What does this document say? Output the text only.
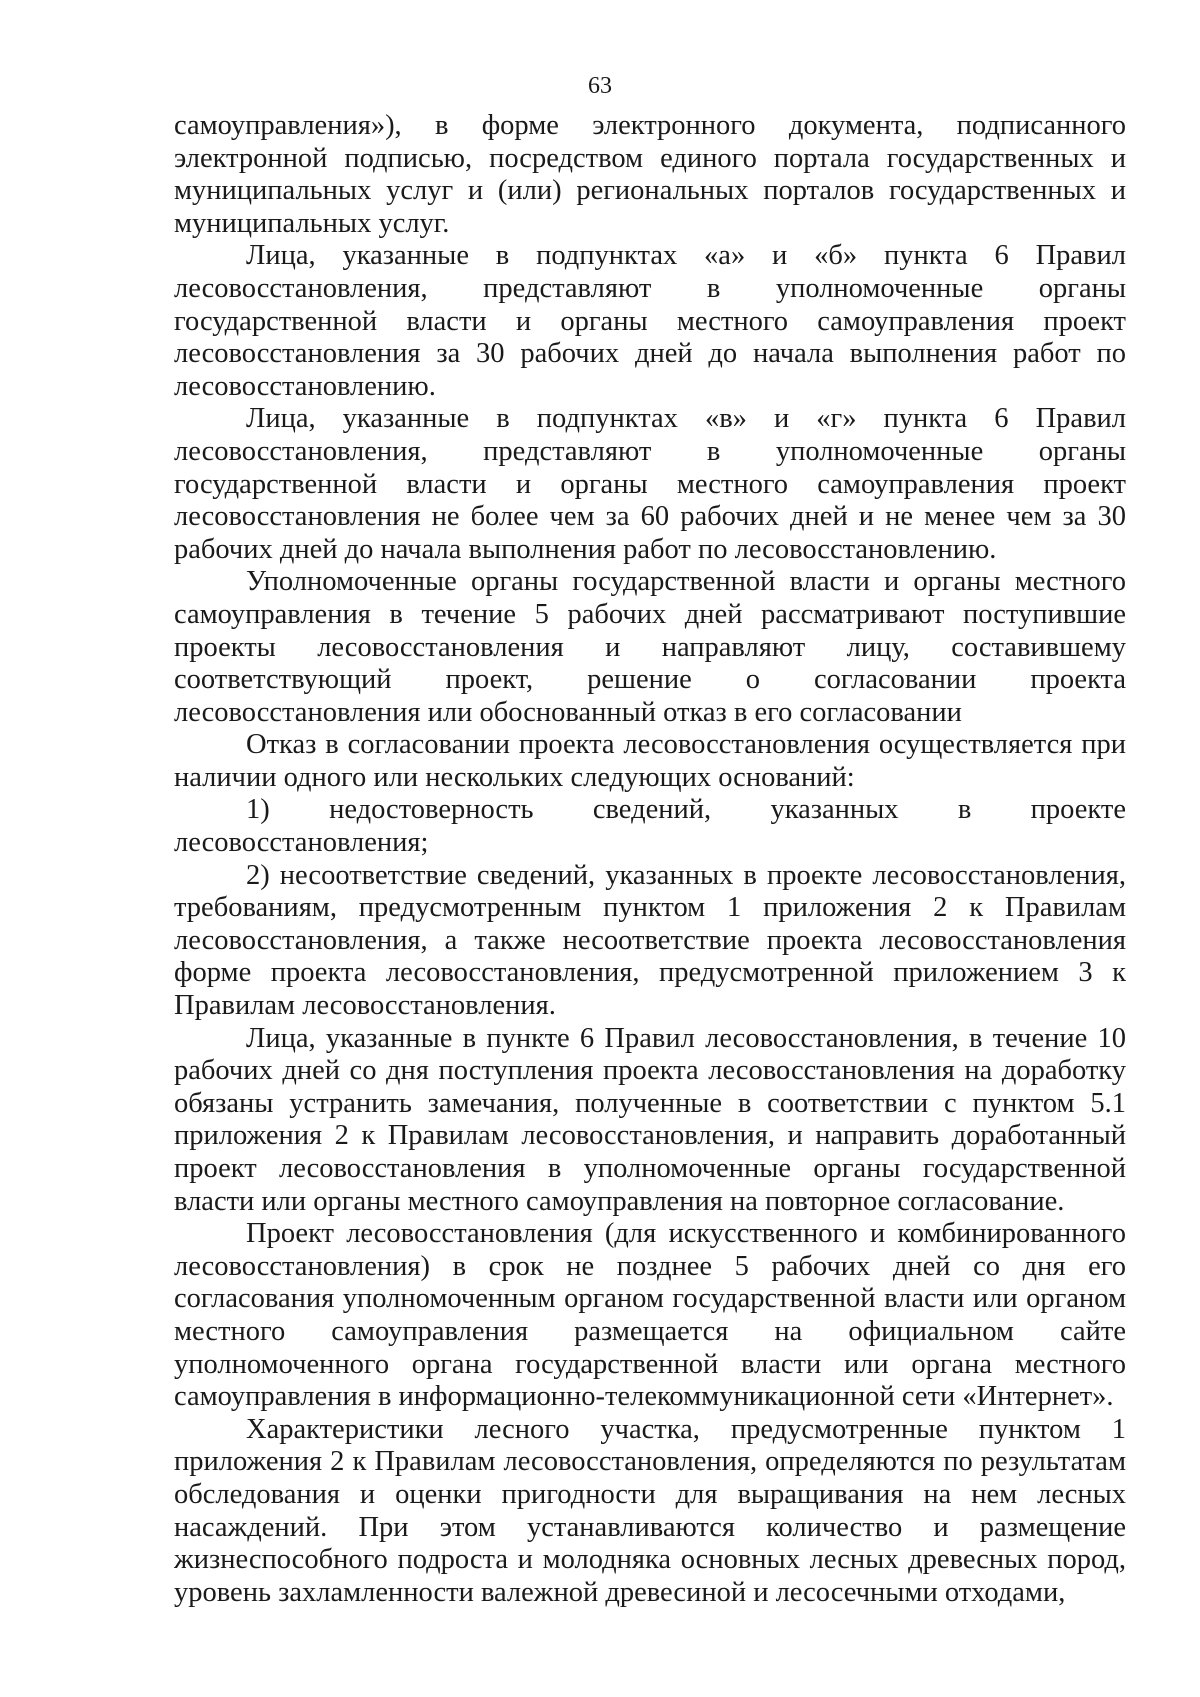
63

самоуправления»), в форме электронного документа, подписанного электронной подписью, посредством единого портала государственных и муниципальных услуг и (или) региональных порталов государственных и муниципальных услуг.

Лица, указанные в подпунктах «а» и «б» пункта 6 Правил лесовосстановления, представляют в уполномоченные органы государственной власти и органы местного самоуправления проект лесовосстановления за 30 рабочих дней до начала выполнения работ по лесовосстановлению.

Лица, указанные в подпунктах «в» и «г» пункта 6 Правил лесовосстановления, представляют в уполномоченные органы государственной власти и органы местного самоуправления проект лесовосстановления не более чем за 60 рабочих дней и не менее чем за 30 рабочих дней до начала выполнения работ по лесовосстановлению.

Уполномоченные органы государственной власти и органы местного самоуправления в течение 5 рабочих дней рассматривают поступившие проекты лесовосстановления и направляют лицу, составившему соответствующий проект, решение о согласовании проекта лесовосстановления или обоснованный отказ в его согласовании

Отказ в согласовании проекта лесовосстановления осуществляется при наличии одного или нескольких следующих оснований:

1) недостоверность сведений, указанных в проекте лесовосстановления;

2) несоответствие сведений, указанных в проекте лесовосстановления, требованиям, предусмотренным пунктом 1 приложения 2 к Правилам лесовосстановления, а также несоответствие проекта лесовосстановления форме проекта лесовосстановления, предусмотренной приложением 3 к Правилам лесовосстановления.

Лица, указанные в пункте 6 Правил лесовосстановления, в течение 10 рабочих дней со дня поступления проекта лесовосстановления на доработку обязаны устранить замечания, полученные в соответствии с пунктом 5.1 приложения 2 к Правилам лесовосстановления, и направить доработанный проект лесовосстановления в уполномоченные органы государственной власти или органы местного самоуправления на повторное согласование.

Проект лесовосстановления (для искусственного и комбинированного лесовосстановления) в срок не позднее 5 рабочих дней со дня его согласования уполномоченным органом государственной власти или органом местного самоуправления размещается на официальном сайте уполномоченного органа государственной власти или органа местного самоуправления в информационно-телекоммуникационной сети «Интернет».

Характеристики лесного участка, предусмотренные пунктом 1 приложения 2 к Правилам лесовосстановления, определяются по результатам обследования и оценки пригодности для выращивания на нем лесных насаждений. При этом устанавливаются количество и размещение жизнеспособного подроста и молодняка основных лесных древесных пород, уровень захламленности валежной древесиной и лесосечными отходами,
